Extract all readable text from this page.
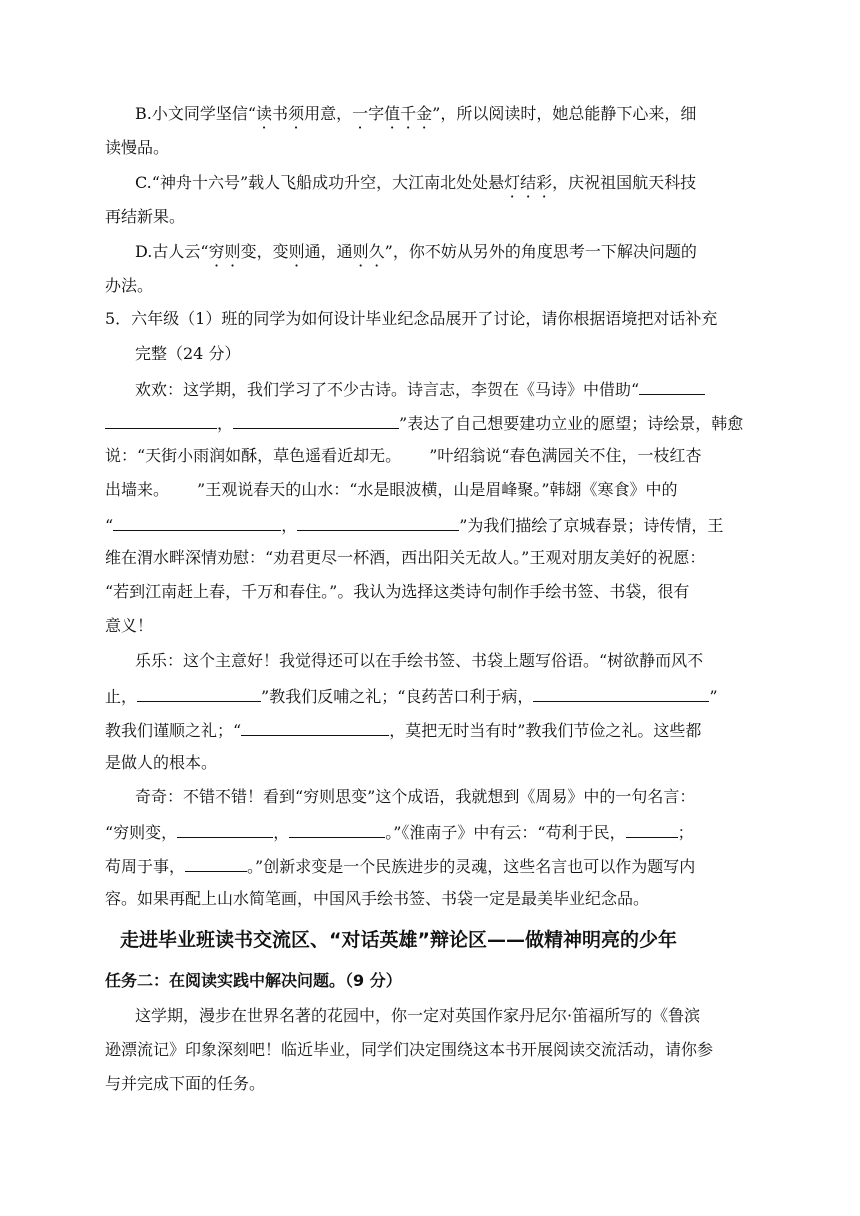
B.小文同学坚信“读书须用意，一字值千金”，所以阅读时，她总能静下心来，细
读慢品。
C.“神舟十六号”载人飞船成功升空，大江南北处处悬灯结彩，庆祝祖国航天科技
再结新果。
D.古人云“穷则变，变则通，通则久”，你不妨从另外的角度思考一下解决问题的
办法。
5．六年级（1）班的同学为如何设计毕业纪念品展开了讨论，请你根据语境把对话补充
完整（24 分）
欢欢：这学期，我们学习了不少古诗。诗言志，李贺在《马诗》中借助“
，	”表达了自己想要建功立业的愿望；诗绘景，韩愈
说：“天街小雨润如酥，草色遥看近却无。 ”叶绍翁说“春色满园关不住，一枝红杏
出墙来。 ”王观说春天的山水：“水是眼波横，山是眉峰聚。”韩翃《寒食》中的
“	，	”为我们描绘了京城春景；诗传情，王
维在渭水畔深情劝慰：“劝君更尽一杯酒，西出阳关无故人。”王观对朋友美好的祝愿：
“若到江南赶上春，千万和春住。”。我认为选择这类诗句制作手绘书签、书袋，很有
意义！
乐乐：这个主意好！我觉得还可以在手绘书签、书袋上题写俗语。“树欲静而风不
止，	”教我们反哺之礼；“良药苦口利于病，	”
教我们谨顺之礼；“	，莫把无时当有时”教我们节俭之礼。这些都
是做人的根本。
奇奇：不错不错！看到“穷则思变”这个成语，我就想到《周易》中的一句名言：
“穷则变，	，	。”《淮南子》中有云：“苟利于民，	；
苟周于事，	。”创新求变是一个民族进步的灵魂，这些名言也可以作为题写内
容。如果再配上山水简笔画，中国风手绘书签、书袋一定是最美毕业纪念品。
走进毕业班读书交流区、“对话英雄”辩论区——做精神明亮的少年
任务二：在阅读实践中解决问题。（9 分）
这学期，漫步在世界名著的花园中，你一定对英国作家丹尼尔·笛福所写的《鲁滨
逊漂流记》印象深刻吧！临近毕业，同学们决定围绕这本书开展阅读交流活动，请你参
与并完成下面的任务。
